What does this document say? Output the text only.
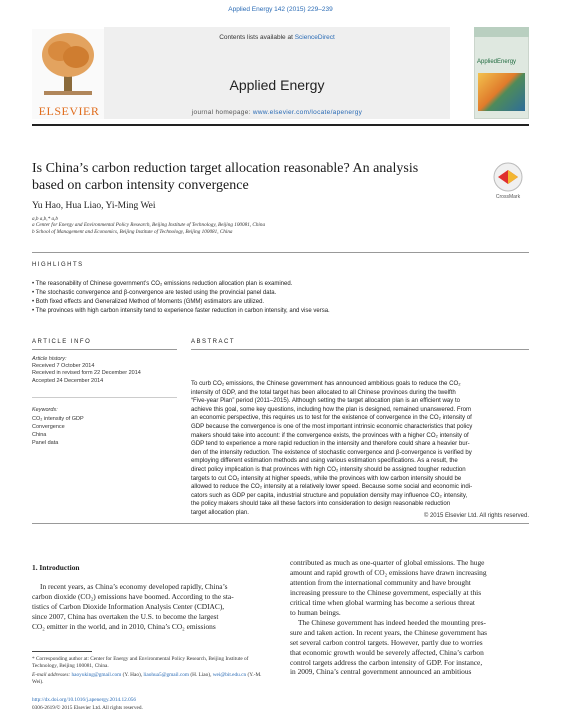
Applied Energy 142 (2015) 229–239
ELSEVIER
Contents lists available at ScienceDirect
Applied Energy
journal homepage: www.elsevier.com/locate/apenergy
AppliedEnergy
Is China’s carbon reduction target allocation reasonable? An analysis
based on carbon intensity convergence
CrossMark
Yu Hao, Hua Liao, Yi-Ming Wei
a,b a,b,* a,b
a Center for Energy and Environmental Policy Research, Beijing Institute of Technology, Beijing 100081, China
b School of Management and Economics, Beijing Institute of Technology, Beijing 100081, China
HIGHLIGHTS
• The reasonability of Chinese government’s CO₂ emissions reduction allocation plan is examined.
• The stochastic convergence and β-convergence are tested using the provincial panel data.
• Both fixed effects and Generalized Method of Moments (GMM) estimators are utilized.
• The provinces with high carbon intensity tend to experience faster reduction in carbon intensity, and vise versa.
ARTICLE INFO	ABSTRACT
Article history:
Received 7 October 2014
Received in revised form 22 December 2014
Accepted 24 December 2014
Keywords:
CO₂ intensity of GDP
Convergence
China
Panel data
To curb CO₂ emissions, the Chinese government has announced ambitious goals to reduce the CO₂
intensity of GDP, and the total target has been allocated to all Chinese provinces during the twelfth
“Five-year Plan” period (2011–2015). Although setting the target allocation plan is an efficient way to
achieve this goal, some key questions, including how the plan is designed, remained unanswered. From
an economic perspective, this requires us to test for the existence of convergence in the CO₂ intensity of
GDP because the convergence is one of the most important intrinsic economic characteristics that policy
makers should take into account: if the convergence exists, the provinces with a higher CO₂ intensity of
GDP tend to experience a more rapid reduction in the intensity and therefore could share a heavier bur-
den of the intensity reduction. The existence of stochastic convergence and β-convergence is verified by
employing different estimation methods and using various estimation specifications. As a result, the
direct policy implication is that provinces with high CO₂ intensity should be assigned tougher reduction
targets to cut CO₂ intensity at higher speeds, while the provinces with low carbon intensity should be
allowed to reduce the CO₂ intensity at a relatively lower speed. Because some social and economic indi-
cators such as GDP per capita, industrial structure and population density may influence CO₂ intensity,
the policy makers should take all these factors into consideration to design reasonable reduction
target allocation plan.
© 2015 Elsevier Ltd. All rights reserved.
1. Introduction
In recent years, as China’s economy developed rapidly, China’s
carbon dioxide (CO₂) emissions have boomed. According to the sta-
tistics of Carbon Dioxide Information Analysis Center (CDIAC),
since 2007, China has overtaken the U.S. to become the largest
CO₂ emitter in the world, and in 2010, China’s CO₂ emissions
contributed as much as one-quarter of global emissions. The huge
amount and rapid growth of CO₂ emissions have drawn increasing
attention from the international community and have brought
increasing pressure to the Chinese government, especially at this
critical time when global warming has become a serious threat
to human beings.
The Chinese government has indeed heeded the mounting pres-
sure and taken action. In recent years, the Chinese government has
set several carbon control targets. However, partly due to worries
that economic growth would be severely affected, China’s carbon
control targets address the carbon intensity of GDP. For instance,
in 2009, China’s central government announced an ambitious
* Corresponding author at: Center for Energy and Environmental Policy Research, Beijing Institute of Technology, Beijing 100081, China.
E-mail addresses: haoyuking@gmail.com (Y. Hao), liaohua5@gmail.com (H. Liao), wei@bit.edu.cn (Y.-M. Wei).
http://dx.doi.org/10.1016/j.apenergy.2014.12.056
0306-2619/© 2015 Elsevier Ltd. All rights reserved.
